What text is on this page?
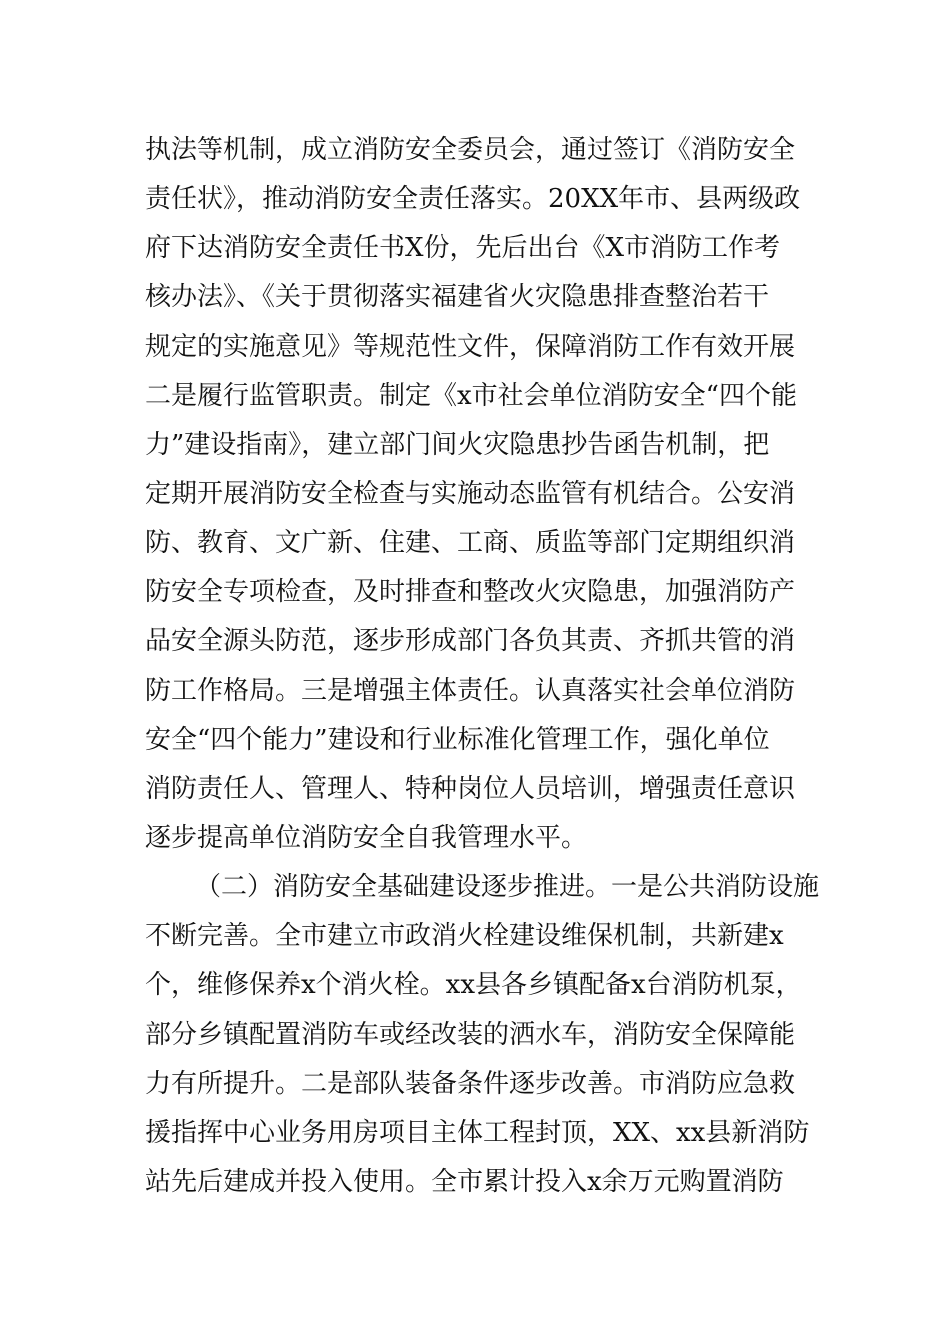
执法等机制，成立消防安全委员会，通过签订《消防安全
责任状》，推动消防安全责任落实。20XX年市、县两级政
府下达消防安全责任书X份，先后出台《X市消防工作考
核办法》、《关于贯彻落实福建省火灾隐患排查整治若干
规定的实施意见》等规范性文件，保障消防工作有效开展
二是履行监管职责。制定《x市社会单位消防安全“四个能
力”建设指南》，建立部门间火灾隐患抄告函告机制，把
定期开展消防安全检查与实施动态监管有机结合。公安消
防、教育、文广新、住建、工商、质监等部门定期组织消
防安全专项检查，及时排查和整改火灾隐患，加强消防产
品安全源头防范，逐步形成部门各负其责、齐抓共管的消
防工作格局。三是增强主体责任。认真落实社会单位消防
安全“四个能力”建设和行业标准化管理工作，强化单位
消防责任人、管理人、特种岗位人员培训，增强责任意识
逐步提高单位消防安全自我管理水平。
（二）消防安全基础建设逐步推进。一是公共消防设施
不断完善。全市建立市政消火栓建设维保机制，共新建x
个，维修保养x个消火栓。xx县各乡镇配备x台消防机泵，
部分乡镇配置消防车或经改装的洒水车，消防安全保障能
力有所提升。二是部队装备条件逐步改善。市消防应急救
援指挥中心业务用房项目主体工程封顶，XX、xx县新消防
站先后建成并投入使用。全市累计投入x余万元购置消防
